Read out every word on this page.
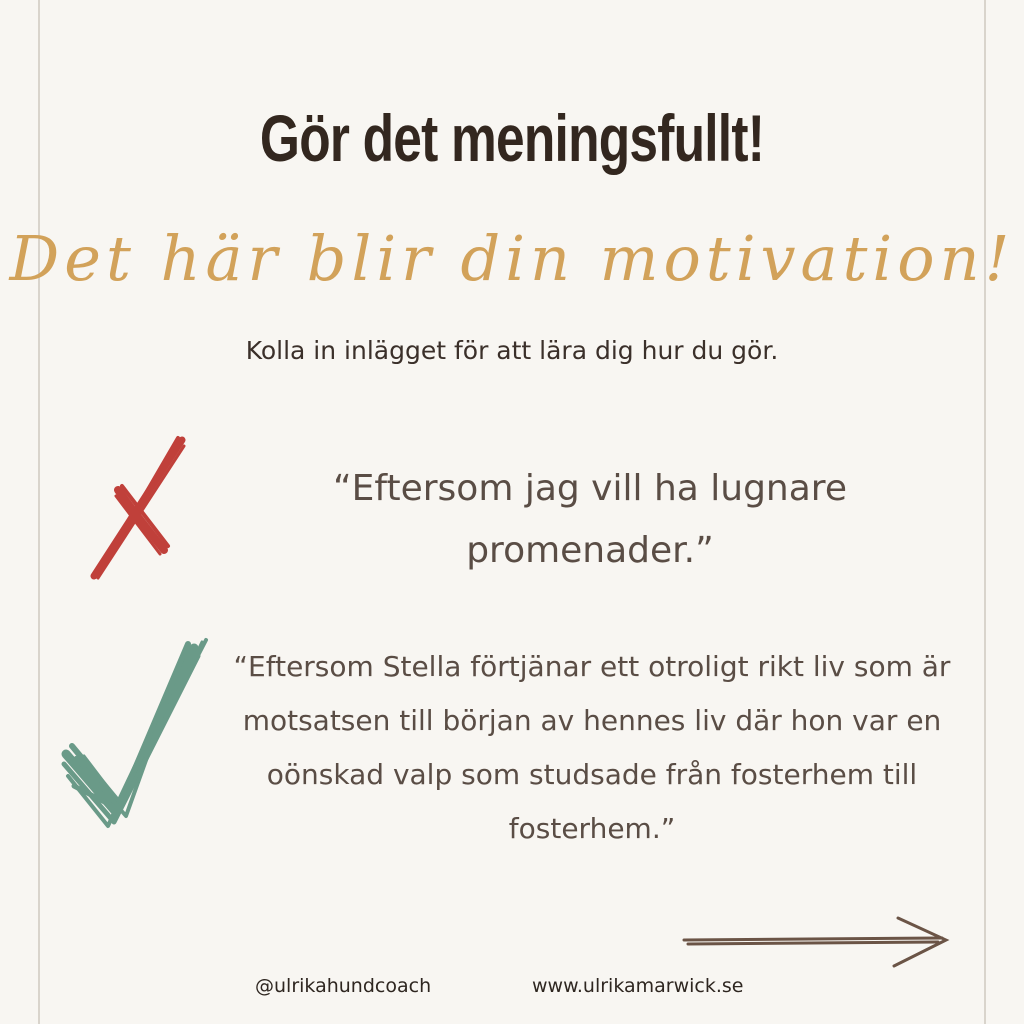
Gör det meningsfullt!
Det här blir din motivation!
Kolla in inlägget för att lära dig hur du gör.
“Eftersom jag vill ha lugnare promenader.”
“Eftersom Stella förtjänar ett otroligt rikt liv som är motsatsen till början av hennes liv där hon var en oönskad valp som studsade från fosterhem till fosterhem.”
@ulrikahundcoach	www.ulrikamarwick.se
